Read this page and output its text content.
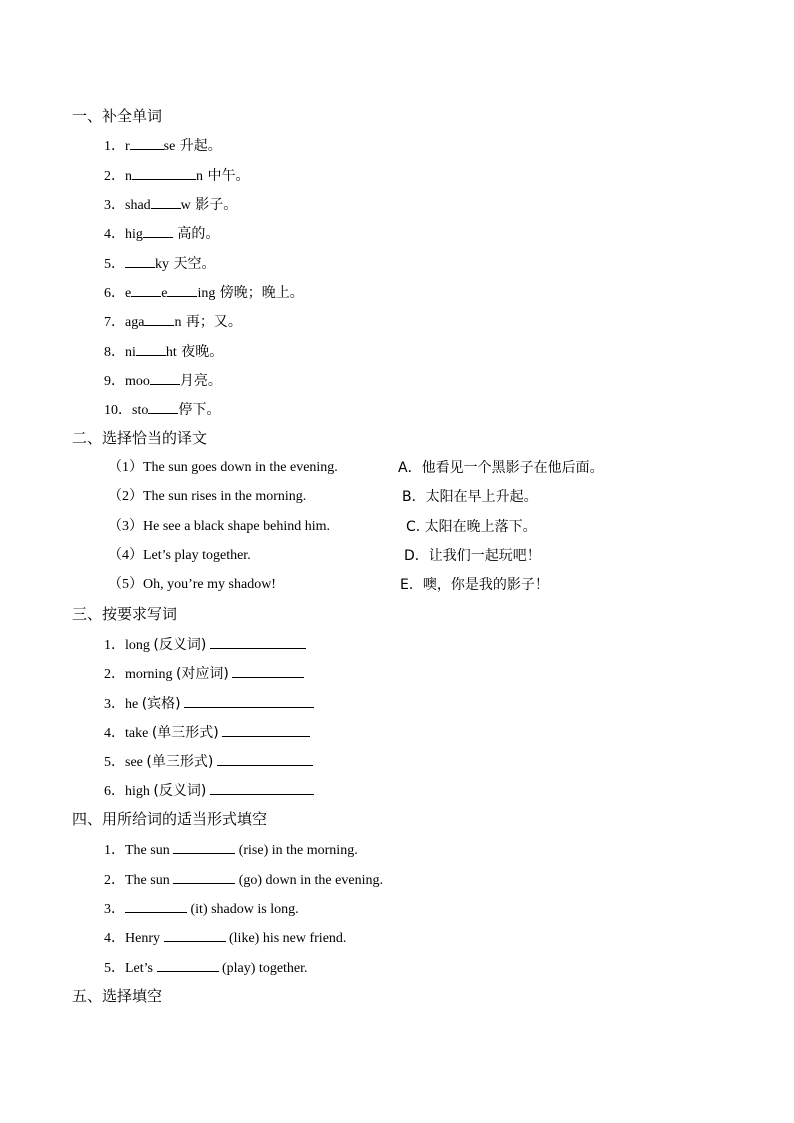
一、补全单词
1．r se 升起。
2．n	n 中午。
3．shad w 影子。
4．hig 高的。
5． ky 天空。
6．e e ing 傍晚；晚上。
7．aga n 再；又。
8．ni ht 夜晚。
9．moo 月亮。
10．sto 停下。
二、选择恰当的译文
（1）The sun goes down in the evening.	A．他看见一个黑影子在他后面。
（2）The sun rises in the morning.	B．太阳在早上升起。
（3）He see a black shape behind him.	C. 太阳在晚上落下。
（4）Let’s play together.	D．让我们一起玩吧！
（5）Oh, you’re my shadow!	E．噢，你是我的影子！
三、按要求写词
1．long (反义词)
2．morning (对应词)
3．he (宾格)
4．take (单三形式)
5．see (单三形式)
6．high (反义词)
四、用所给词的适当形式填空
1．The sun	(rise) in the morning.
2．The sun	(go) down in the evening.
3．	(it) shadow is long.
4．Henry	(like) his new friend.
5．Let’s	(play) together.
五、选择填空
